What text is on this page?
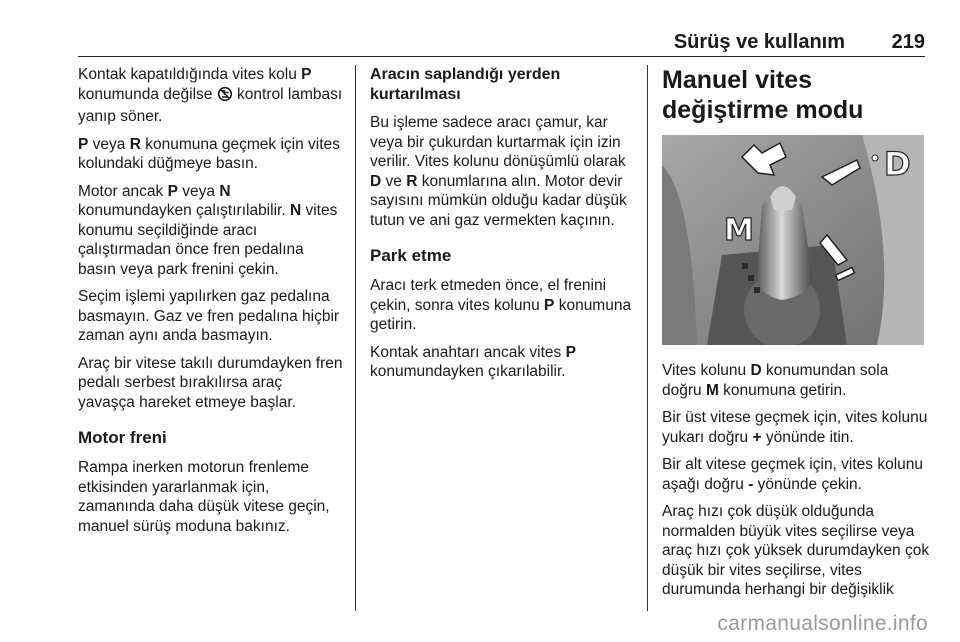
Sürüş ve kullanım 219

Kontak kapatıldığında vites kolu P konumunda değilse  kontrol lambası yanıp söner.

P veya R konumuna geçmek için vites kolundaki düğmeye basın.

Motor ancak P veya N konumundayken çalıştırılabilir. N vites konumu seçildiğinde aracı çalıştırmadan önce fren pedalına basın veya park frenini çekin.

Seçim işlemi yapılırken gaz pedalına basmayın. Gaz ve fren pedalına hiçbir zaman aynı anda basmayın.

Araç bir vitese takılı durumdayken fren pedalı serbest bırakılırsa araç yavaşça hareket etmeye başlar.

Motor freni

Rampa inerken motorun frenleme etkisinden yararlanmak için, zamanında daha düşük vitese geçin, manuel sürüş moduna bakınız.

Aracın saplandığı yerden kurtarılması

Bu işleme sadece aracı çamur, kar veya bir çukurdan kurtarmak için izin verilir. Vites kolunu dönüşümlü olarak D ve R konumlarına alın. Motor devir sayısını mümkün olduğu kadar düşük tutun ve ani gaz vermekten kaçının.

Park etme

Aracı terk etmeden önce, el frenini çekin, sonra vites kolunu P konumuna getirin.

Kontak anahtarı ancak vites P konumundayken çıkarılabilir.

Manuel vites değiştirme modu
D
M

Vites kolunu D konumundan sola doğru M konumuna getirin.

Bir üst vitese geçmek için, vites kolunu yukarı doğru + yönünde itin.

Bir alt vitese geçmek için, vites kolunu aşağı doğru - yönünde çekin.

Araç hızı çok düşük olduğunda normalden büyük vites seçilirse veya araç hızı çok yüksek durumdayken çok düşük bir vites seçilirse, vites durumunda herhangi bir değişiklik

carmanualsonline.info
